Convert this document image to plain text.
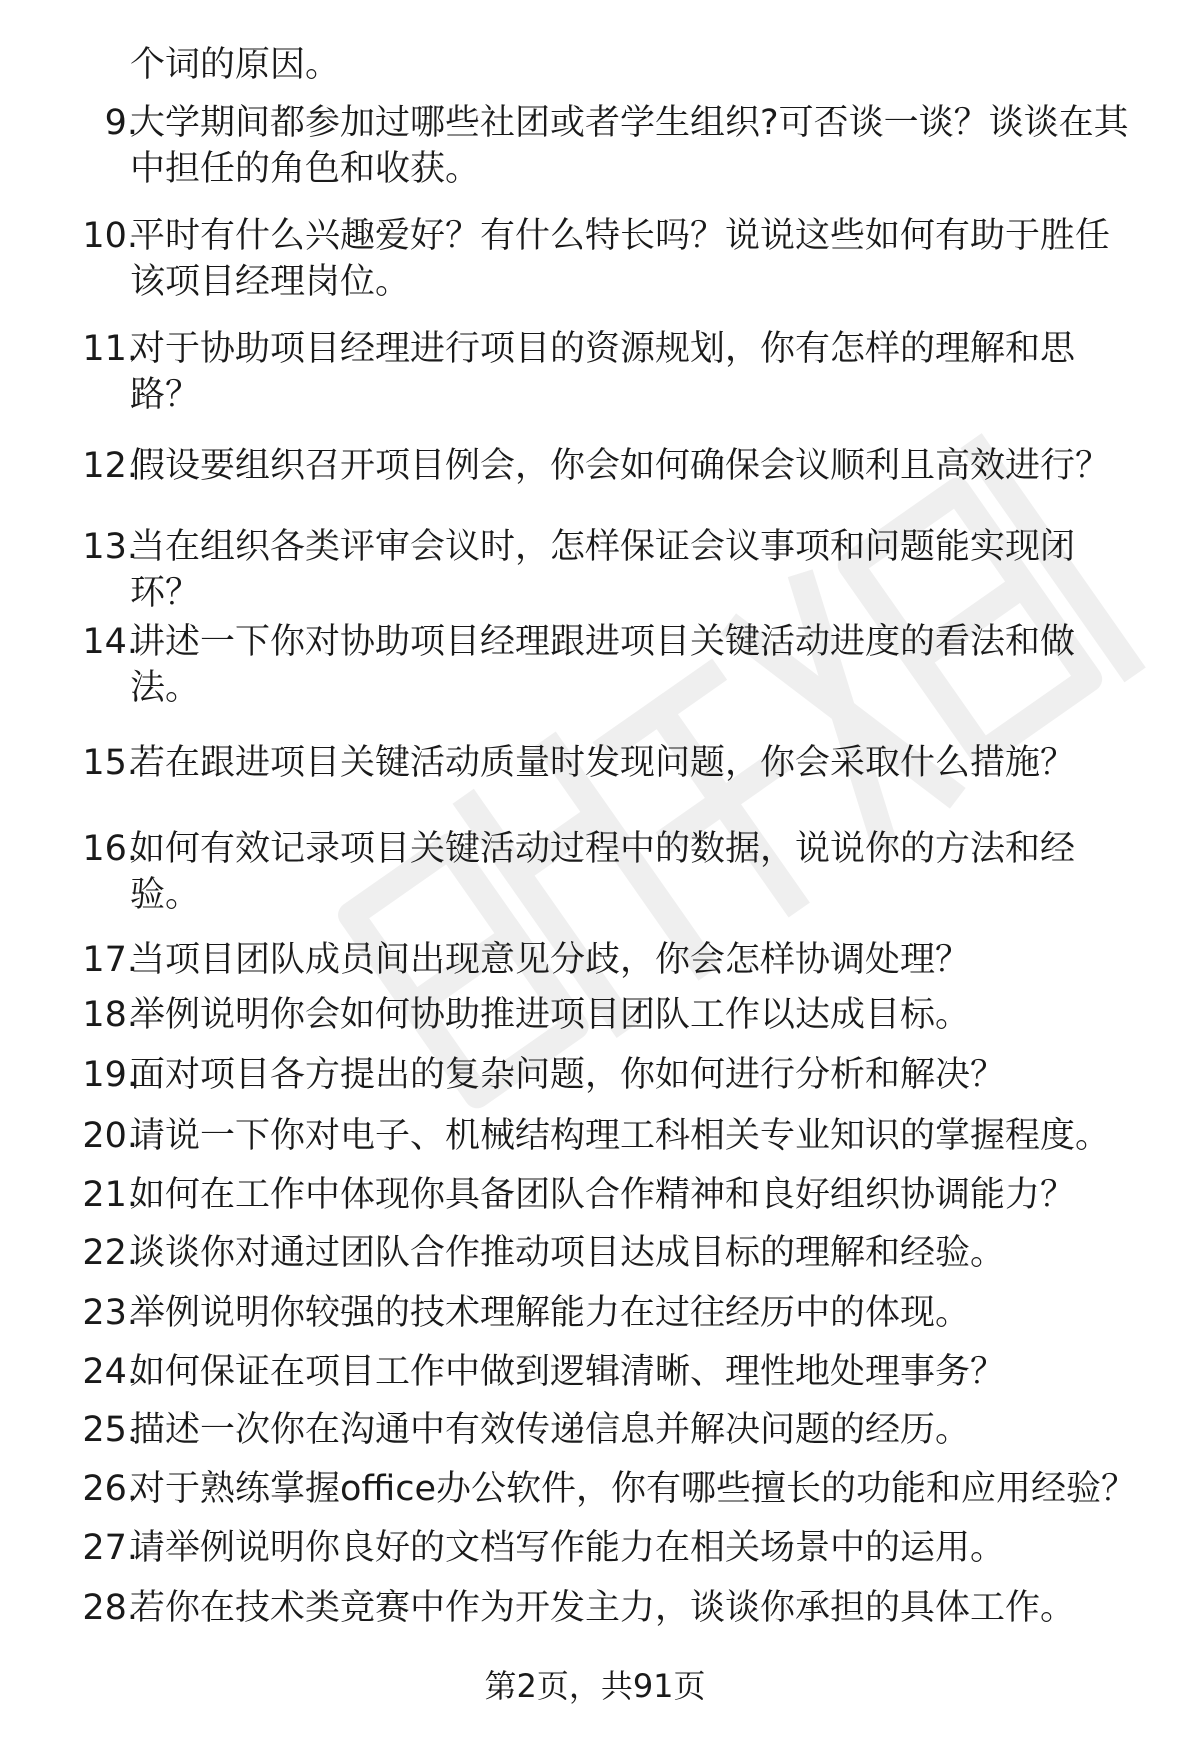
个词的原因。
9.
大学期间都参加过哪些社团或者学生组织?可否谈一谈？谈谈在其
中担任的角色和收获。
10.
平时有什么兴趣爱好？有什么特长吗？说说这些如何有助于胜任
该项目经理岗位。
11.
对于协助项目经理进行项目的资源规划，你有怎样的理解和思
路？
12.
假设要组织召开项目例会，你会如何确保会议顺利且高效进行？
13.
当在组织各类评审会议时，怎样保证会议事项和问题能实现闭
环？
14.
讲述一下你对协助项目经理跟进项目关键活动进度的看法和做
法。
15.
若在跟进项目关键活动质量时发现问题，你会采取什么措施？
16.
如何有效记录项目关键活动过程中的数据，说说你的方法和经
验。
17.
当项目团队成员间出现意见分歧，你会怎样协调处理？
18.
举例说明你会如何协助推进项目团队工作以达成目标。
19.
面对项目各方提出的复杂问题，你如何进行分析和解决？
20.
请说一下你对电子、机械结构理工科相关专业知识的掌握程度。
21.
如何在工作中体现你具备团队合作精神和良好组织协调能力？
22.
谈谈你对通过团队合作推动项目达成目标的理解和经验。
23.
举例说明你较强的技术理解能力在过往经历中的体现。
24.
如何保证在项目工作中做到逻辑清晰、理性地处理事务？
25.
描述一次你在沟通中有效传递信息并解决问题的经历。
26.
对于熟练掌握office办公软件，你有哪些擅长的功能和应用经验？
27.
请举例说明你良好的文档写作能力在相关场景中的运用。
28.
若你在技术类竞赛中作为开发主力，谈谈你承担的具体工作。
第2页，共91页
